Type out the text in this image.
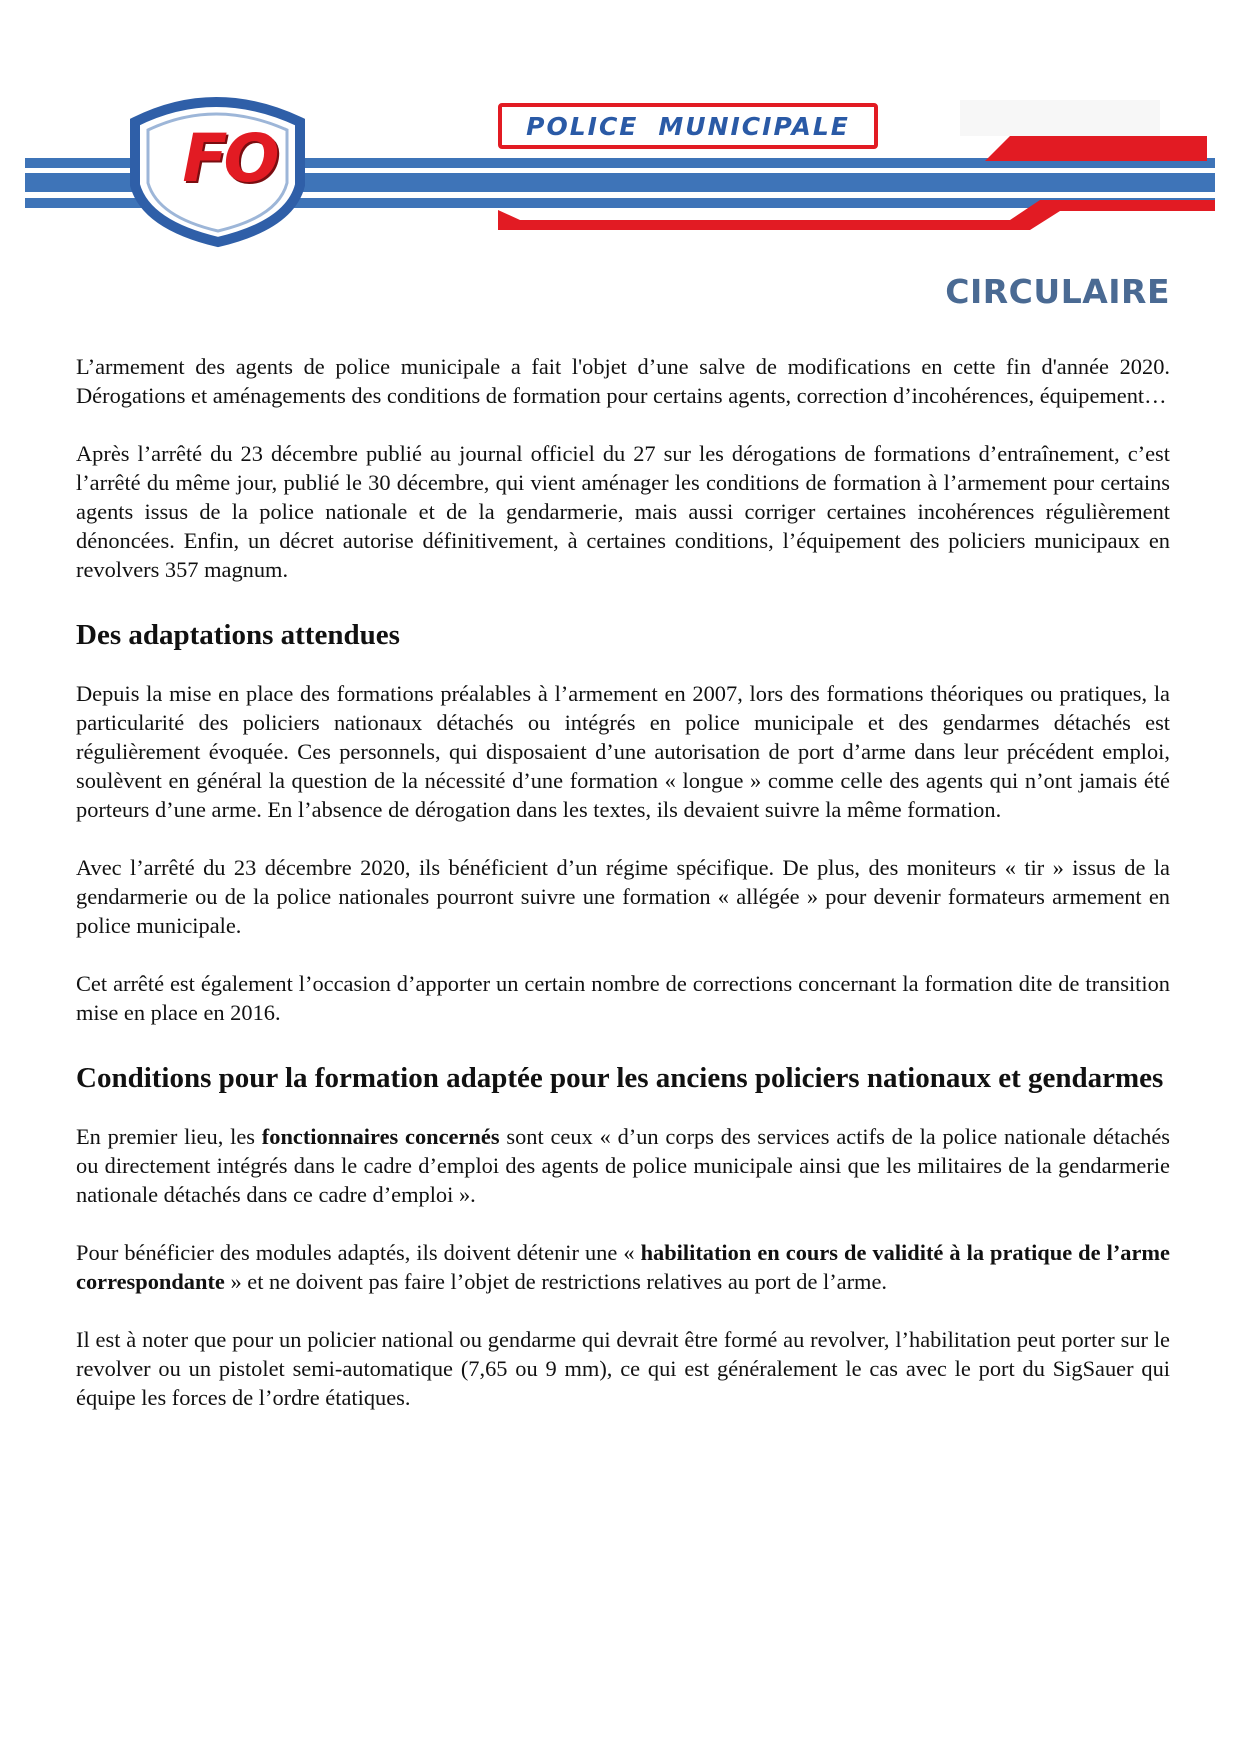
FO	POLICE MUNICIPALE
CIRCULAIRE

L’armement des agents de police municipale a fait l'objet d’une salve de modifications en cette fin d'année 2020. Dérogations et aménagements des conditions de formation pour certains agents, correction d’incohérences, équipement…

Après l’arrêté du 23 décembre publié au journal officiel du 27 sur les dérogations de formations d’entraînement, c’est l’arrêté du même jour, publié le 30 décembre, qui vient aménager les conditions de formation à l’armement pour certains agents issus de la police nationale et de la gendarmerie, mais aussi corriger certaines incohérences régulièrement dénoncées. Enfin, un décret autorise définitivement, à certaines conditions, l’équipement des policiers municipaux en revolvers 357 magnum.

Des adaptations attendues

Depuis la mise en place des formations préalables à l’armement en 2007, lors des formations théoriques ou pratiques, la particularité des policiers nationaux détachés ou intégrés en police municipale et des gendarmes détachés est régulièrement évoquée. Ces personnels, qui disposaient d’une autorisation de port d’arme dans leur précédent emploi, soulèvent en général la question de la nécessité d’une formation « longue » comme celle des agents qui n’ont jamais été porteurs d’une arme. En l’absence de dérogation dans les textes, ils devaient suivre la même formation.

Avec l’arrêté du 23 décembre 2020, ils bénéficient d’un régime spécifique. De plus, des moniteurs « tir » issus de la gendarmerie ou de la police nationales pourront suivre une formation « allégée » pour devenir formateurs armement en police municipale.

Cet arrêté est également l’occasion d’apporter un certain nombre de corrections concernant la formation dite de transition mise en place en 2016.

Conditions pour la formation adaptée pour les anciens policiers nationaux et gendarmes

En premier lieu, les fonctionnaires concernés sont ceux « d’un corps des services actifs de la police nationale détachés ou directement intégrés dans le cadre d’emploi des agents de police municipale ainsi que les militaires de la gendarmerie nationale détachés dans ce cadre d’emploi ».

Pour bénéficier des modules adaptés, ils doivent détenir une « habilitation en cours de validité à la pratique de l’arme correspondante » et ne doivent pas faire l’objet de restrictions relatives au port de l’arme.

Il est à noter que pour un policier national ou gendarme qui devrait être formé au revolver, l’habilitation peut porter sur le revolver ou un pistolet semi-automatique (7,65 ou 9 mm), ce qui est généralement le cas avec le port du SigSauer qui équipe les forces de l’ordre étatiques.
